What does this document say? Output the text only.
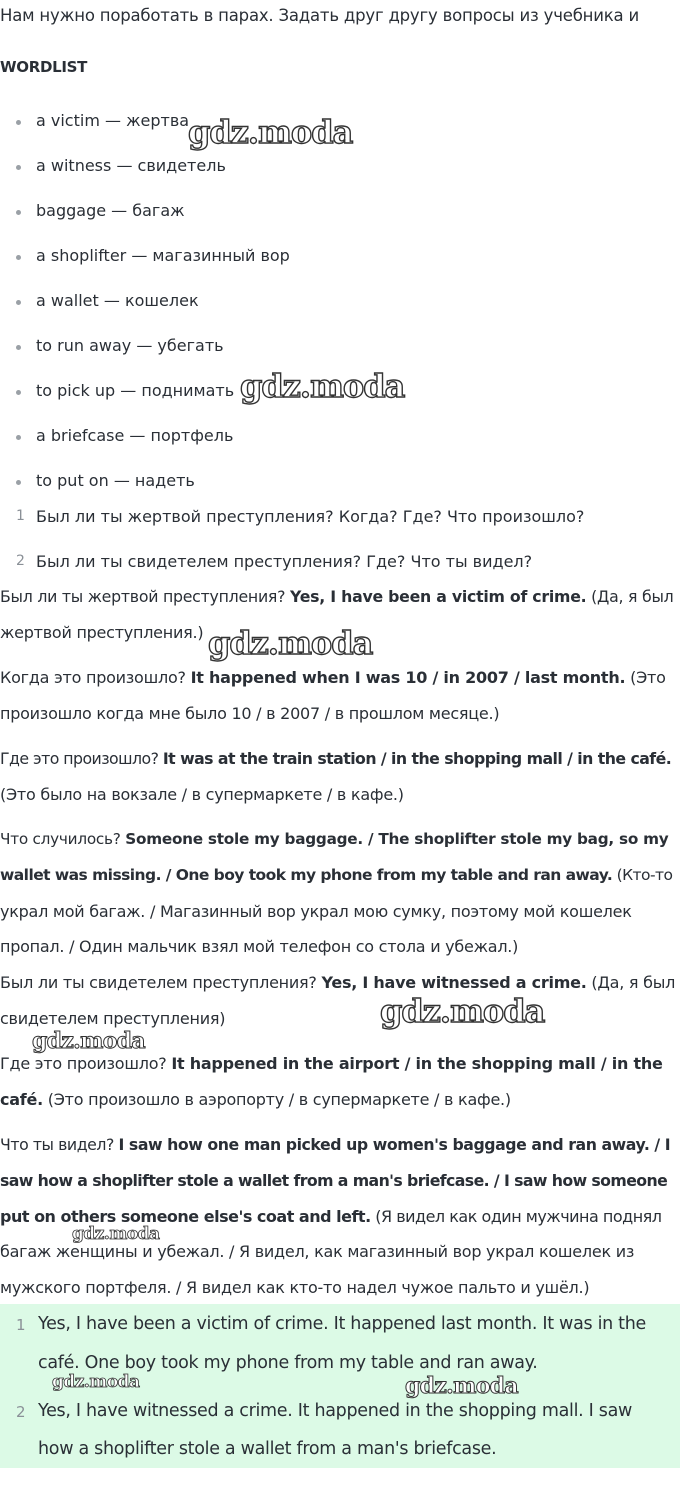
Нам нужно поработать в парах. Задать друг другу вопросы из учебника и
WORDLIST
a victim — жертва
a witness — свидетель
baggage — багаж
a shoplifter — магазинный вор
a wallet — кошелек
to run away — убегать
to pick up — поднимать
a briefcase — портфель
to put on — надеть
1 Был ли ты жертвой преступления? Когда? Где? Что произошло?
2 Был ли ты свидетелем преступления? Где? Что ты видел?
Был ли ты жертвой преступления? Yes, I have been a victim of crime. (Да, я был
жертвой преступления.)
Когда это произошло? It happened when I was 10 / in 2007 / last month. (Это
произошло когда мне было 10 / в 2007 / в прошлом месяце.)
Где это произошло? It was at the train station / in the shopping mall / in the café.
(Это было на вокзале / в супермаркете / в кафе.)
Что случилось? Someone stole my baggage. / The shoplifter stole my bag, so my
wallet was missing. / One boy took my phone from my table and ran away. (Кто-то
украл мой багаж. / Магазинный вор украл мою сумку, поэтому мой кошелек
пропал. / Один мальчик взял мой телефон со стола и убежал.)
Был ли ты свидетелем преступления? Yes, I have witnessed a crime. (Да, я был
свидетелем преступления)
Где это произошло? It happened in the airport / in the shopping mall / in the
café. (Это произошло в аэропорту / в супермаркете / в кафе.)
Что ты видел? I saw how one man picked up women's baggage and ran away. / I
saw how a shoplifter stole a wallet from a man's briefcase. / I saw how someone
put on others someone else's coat and left. (Я видел как один мужчина поднял
багаж женщины и убежал. / Я видел, как магазинный вор украл кошелек из
мужского портфеля. / Я видел как кто-то надел чужое пальто и ушёл.)
1 Yes, I have been a victim of crime. It happened last month. It was in the
café. One boy took my phone from my table and ran away.
2 Yes, I have witnessed a crime. It happened in the shopping mall. I saw
how a shoplifter stole a wallet from a man's briefcase.
gdz.moda
gdz.moda
gdz.moda
gdz.moda
gdz.moda
gdz.moda
gdz.moda	gdz.moda
